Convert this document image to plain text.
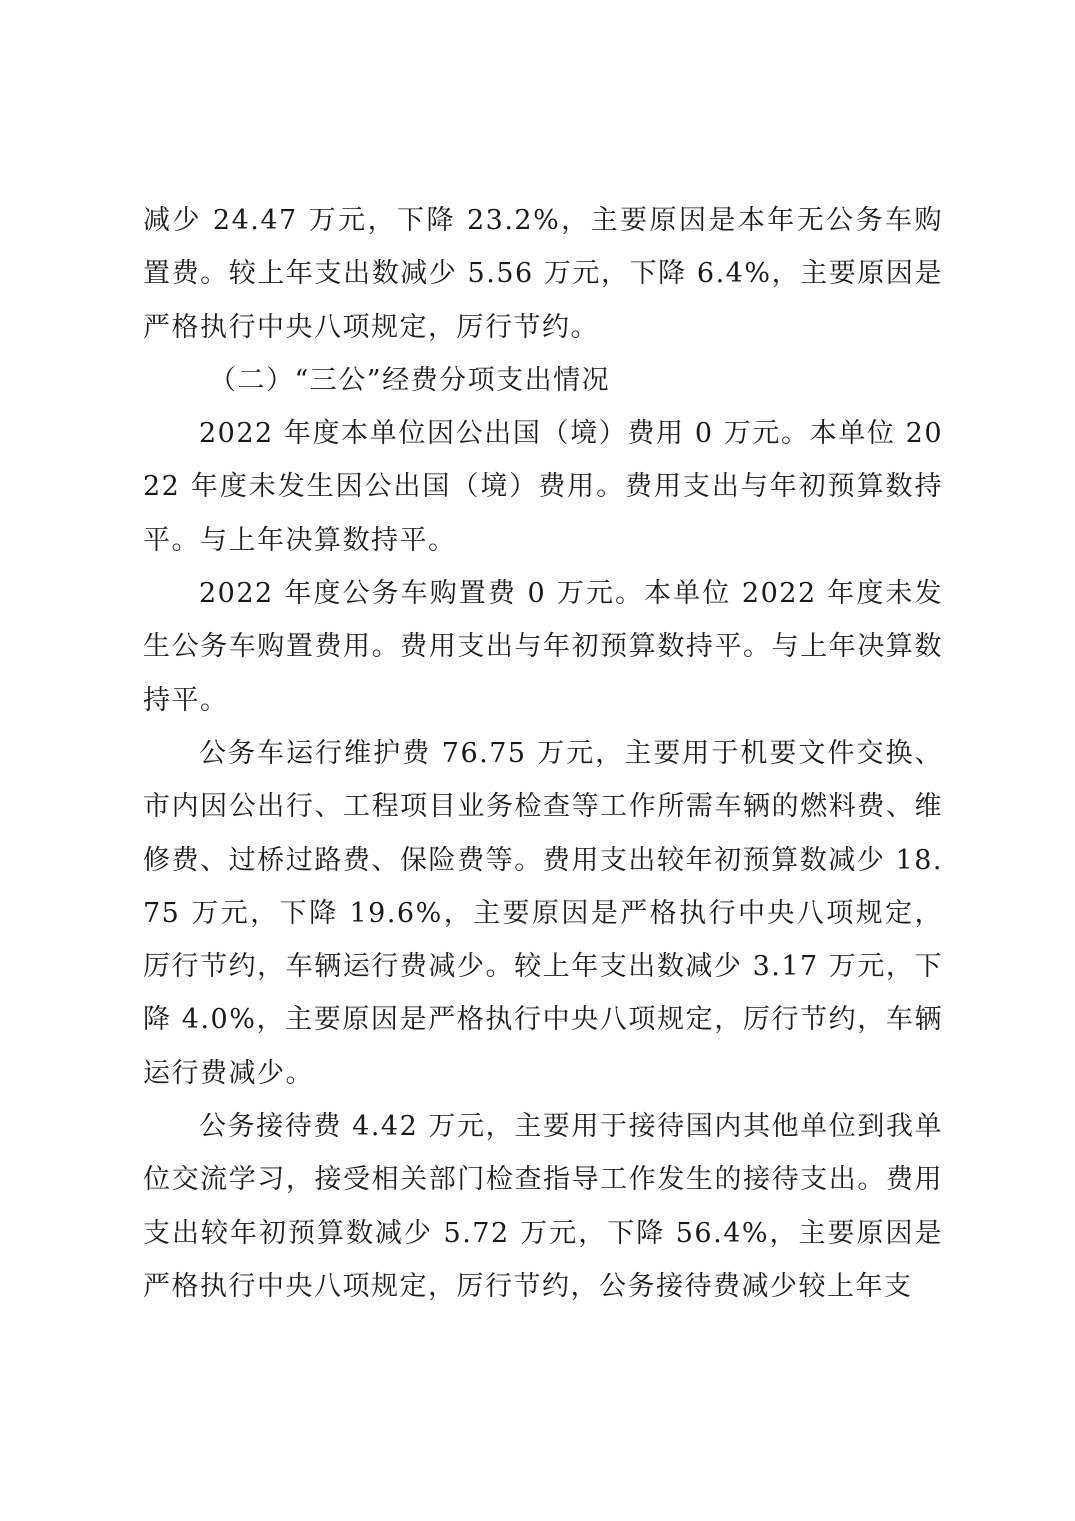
减少 24.47 万元，下降 23.2%，主要原因是本年无公务车购置费。较上年支出数减少 5.56 万元，下降 6.4%，主要原因是严格执行中央八项规定，厉行节约。

（二）“三公”经费分项支出情况

2022 年度本单位因公出国（境）费用 0 万元。本单位 2022 年度未发生因公出国（境）费用。费用支出与年初预算数持平。与上年决算数持平。

2022 年度公务车购置费 0 万元。本单位 2022 年度未发生公务车购置费用。费用支出与年初预算数持平。与上年决算数持平。

公务车运行维护费 76.75 万元，主要用于机要文件交换、市内因公出行、工程项目业务检查等工作所需车辆的燃料费、维修费、过桥过路费、保险费等。费用支出较年初预算数减少 18.75 万元，下降 19.6%，主要原因是严格执行中央八项规定，厉行节约，车辆运行费减少。较上年支出数减少 3.17 万元，下降 4.0%，主要原因是严格执行中央八项规定，厉行节约，车辆运行费减少。

公务接待费 4.42 万元，主要用于接待国内其他单位到我单位交流学习，接受相关部门检查指导工作发生的接待支出。费用支出较年初预算数减少 5.72 万元，下降 56.4%，主要原因是严格执行中央八项规定，厉行节约，公务接待费减少较上年支
